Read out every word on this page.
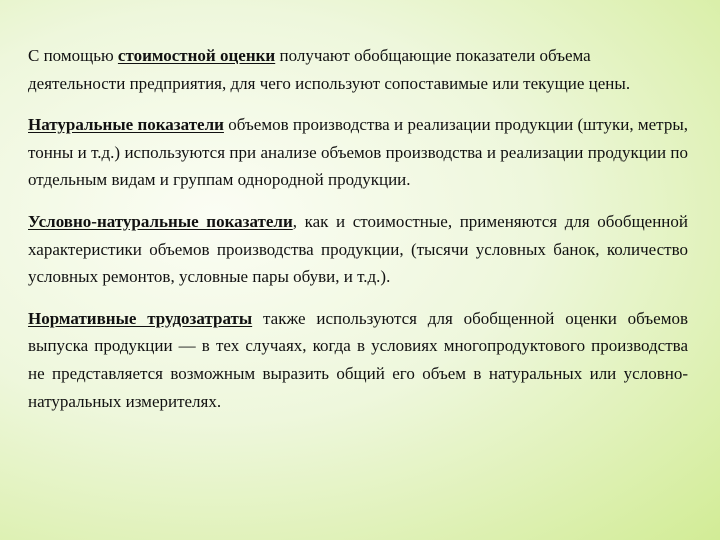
С помощью стоимостной оценки получают обобщающие показатели объема деятельности предприятия, для чего используют сопоставимые или текущие цены.

Натуральные показатели объемов производства и реализации продукции (штуки, метры, тонны и т.д.) используются при анализе объемов производства и реализации продукции по отдельным видам и группам однородной продукции.

Условно-натуральные показатели, как и стоимостные, применяются для обобщенной характеристики объемов производства продукции, (тысячи условных банок, количество условных ремонтов, условные пары обуви, и т.д.).

Нормативные трудозатраты также используются для обобщенной оценки объемов выпуска продукции — в тех случаях, когда в условиях многопродуктового производства не представляется возможным выразить общий его объем в натуральных или условно-натуральных измерителях.
